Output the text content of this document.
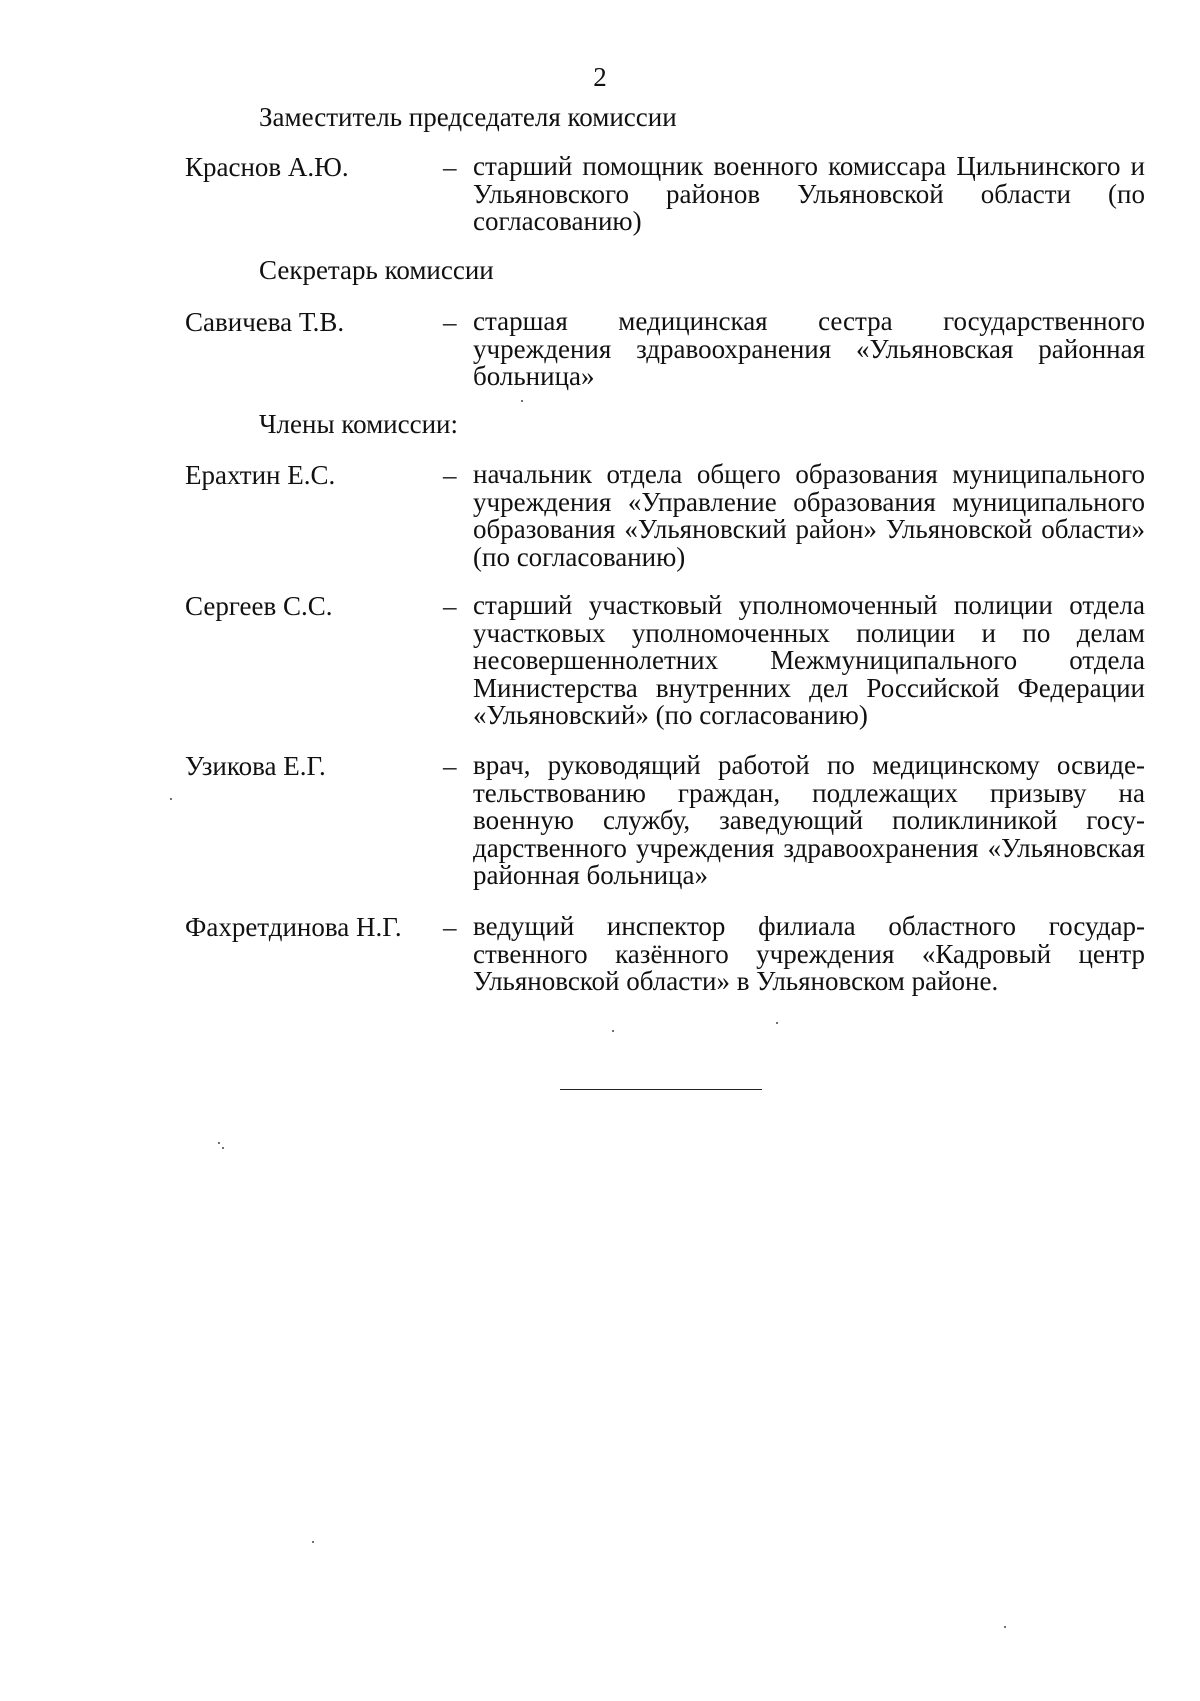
2
Заместитель председателя комиссии
Краснов А.Ю.	– старший помощник военного комиссара Цильнинского и Ульяновского районов Ульяновской области (по согласованию)
Секретарь комиссии
Савичева Т.В.	– старшая медицинская сестра государственного учреждения здравоохранения «Ульяновская районная больница»
Члены комиссии:
Ерахтин Е.С.	– начальник отдела общего образования муниципального учреждения «Управление образования муниципального образования «Ульяновский район» Ульяновской области» (по согласованию)
Сергеев С.С.	– старший участковый уполномоченный полиции отдела участковых уполномоченных полиции и по делам несовершеннолетних Межмуниципального отдела Министерства внутренних дел Российской Федерации «Ульяновский» (по согласованию)
Узикова Е.Г.	– врач, руководящий работой по медицинскому освидетельствованию граждан, подлежащих призыву на военную службу, заведующий поликлиникой государственного учреждения здравоохранения «Ульяновская районная больница»
Фахретдинова Н.Г. – ведущий инспектор филиала областного государственного казённого учреждения «Кадровый центр Ульяновской области» в Ульяновском районе.
